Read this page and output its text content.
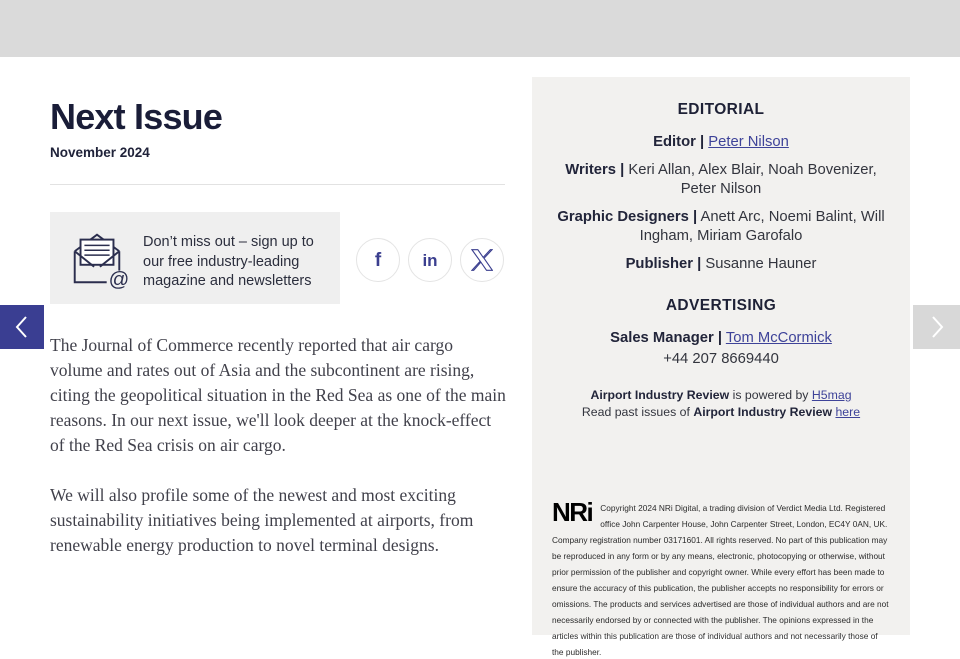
Next Issue
November 2024
@
Don’t miss out – sign up to our free industry-leading magazine and newsletters
f in

The Journal of Commerce recently reported that air cargo volume and rates out of Asia and the subcontinent are rising, citing the geopolitical situation in the Red Sea as one of the main reasons. In our next issue, we'll look deeper at the knock-effect of the Red Sea crisis on air cargo.

We will also profile some of the newest and most exciting sustainability initiatives being implemented at airports, from renewable energy production to novel terminal designs.

EDITORIAL
Editor | Peter Nilson
Writers | Keri Allan, Alex Blair, Noah Bovenizer, Peter Nilson
Graphic Designers | Anett Arc, Noemi Balint, Will Ingham, Miriam Garofalo
Publisher | Susanne Hauner
ADVERTISING
Sales Manager | Tom McCormick
+44 207 8669440
Airport Industry Review is powered by H5mag
Read past issues of Airport Industry Review here
NRi Copyright 2024 NRi Digital, a trading division of Verdict Media Ltd. Registered office John Carpenter House, John Carpenter Street, London, EC4Y 0AN, UK. Company registration number 03171601. All rights reserved. No part of this publication may be reproduced in any form or by any means, electronic, photocopying or otherwise, without prior permission of the publisher and copyright owner. While every effort has been made to ensure the accuracy of this publication, the publisher accepts no responsibility for errors or omissions. The products and services advertised are those of individual authors and are not necessarily endorsed by or connected with the publisher. The opinions expressed in the articles within this publication are those of individual authors and not necessarily those of the publisher.
